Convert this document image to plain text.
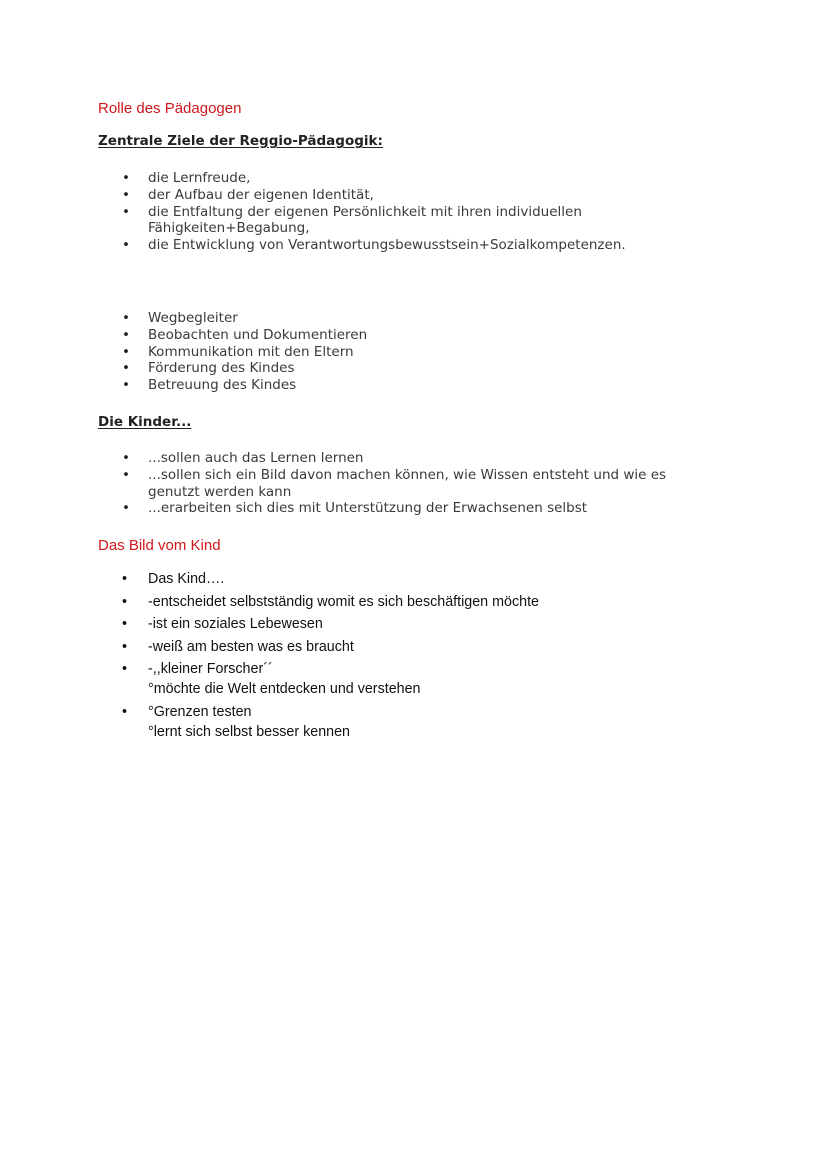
Rolle des Pädagogen
Zentrale Ziele der Reggio-Pädagogik:
• die Lernfreude,
• der Aufbau der eigenen Identität,
• die Entfaltung der eigenen Persönlichkeit mit ihren individuellen
Fähigkeiten+Begabung,
• die Entwicklung von Verantwortungsbewusstsein+Sozialkompetenzen.
• Wegbegleiter
• Beobachten und Dokumentieren
• Kommunikation mit den Eltern
• Förderung des Kindes
• Betreuung des Kindes
Die Kinder...
• ...sollen auch das Lernen lernen
• ...sollen sich ein Bild davon machen können, wie Wissen entsteht und wie es
genutzt werden kann
• ...erarbeiten sich dies mit Unterstützung der Erwachsenen selbst
Das Bild vom Kind
• Das Kind….
• -entscheidet selbstständig womit es sich beschäftigen möchte
• -ist ein soziales Lebewesen
• -weiß am besten was es braucht
• -,,kleiner Forscher´´
°möchte die Welt entdecken und verstehen
• °Grenzen testen
°lernt sich selbst besser kennen
